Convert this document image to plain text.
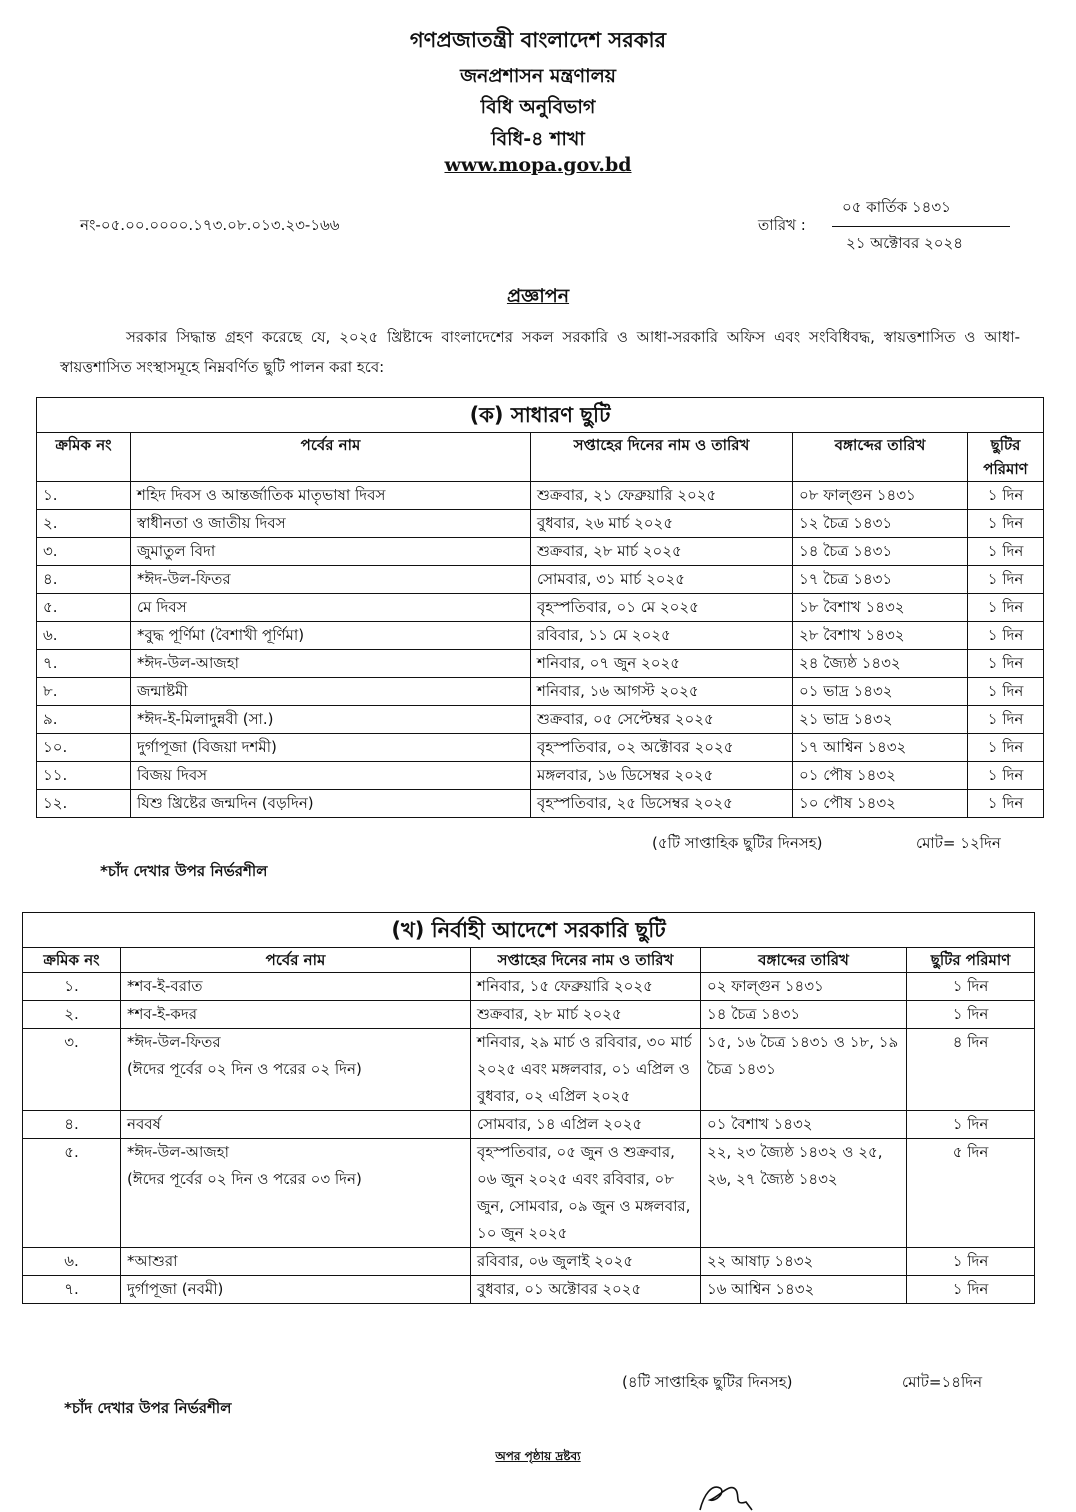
গণপ্রজাতন্ত্রী বাংলাদেশ সরকার
জনপ্রশাসন মন্ত্রণালয়
বিধি অনুবিভাগ
বিধি-৪ শাখা
www.mopa.gov.bd
নং-০৫.০০.০০০০.১৭৩.০৮.০১৩.২৩-১৬৬	তারিখ :
০৫ কার্তিক ১৪৩১
২১ অক্টোবর ২০২৪
প্রজ্ঞাপন
সরকার সিদ্ধান্ত গ্রহণ করেছে যে, ২০২৫ খ্রিষ্টাব্দে বাংলাদেশের সকল সরকারি ও আধা-সরকারি অফিস এবং সংবিধিবদ্ধ, স্বায়ত্তশাসিত ও আধা-স্বায়ত্তশাসিত সংস্থাসমূহে নিম্নবর্ণিত ছুটি পালন করা হবে:
(ক) সাধারণ ছুটি				
ক্রমিক নং	পর্বের নাম	সপ্তাহের দিনের নাম ও তারিখ	বঙ্গাব্দের তারিখ	ছুটির পরিমাণ
১.	শহিদ দিবস ও আন্তর্জাতিক মাতৃভাষা দিবস	শুক্রবার, ২১ ফেব্রুয়ারি ২০২৫	০৮ ফাল্গুন ১৪৩১	১ দিন
২.	স্বাধীনতা ও জাতীয় দিবস	বুধবার, ২৬ মার্চ ২০২৫	১২ চৈত্র ১৪৩১	১ দিন
৩.	জুমাতুল বিদা	শুক্রবার, ২৮ মার্চ ২০২৫	১৪ চৈত্র ১৪৩১	১ দিন
৪.	*ঈদ-উল-ফিতর	সোমবার, ৩১ মার্চ ২০২৫	১৭ চৈত্র ১৪৩১	১ দিন
৫.	মে দিবস	বৃহস্পতিবার, ০১ মে ২০২৫	১৮ বৈশাখ ১৪৩২	১ দিন
৬.	*বুদ্ধ পূর্ণিমা (বৈশাখী পূর্ণিমা)	রবিবার, ১১ মে ২০২৫	২৮ বৈশাখ ১৪৩২	১ দিন
৭.	*ঈদ-উল-আজহা	শনিবার, ০৭ জুন ২০২৫	২৪ জ্যৈষ্ঠ ১৪৩২	১ দিন
৮.	জন্মাষ্টমী	শনিবার, ১৬ আগস্ট ২০২৫	০১ ভাদ্র ১৪৩২	১ দিন
৯.	*ঈদ-ই-মিলাদুন্নবী (সা.)	শুক্রবার, ০৫ সেপ্টেম্বর ২০২৫	২১ ভাদ্র ১৪৩২	১ দিন
১০.	দুর্গাপূজা (বিজয়া দশমী)	বৃহস্পতিবার, ০২ অক্টোবর ২০২৫	১৭ আশ্বিন ১৪৩২	১ দিন
১১.	বিজয় দিবস	মঙ্গলবার, ১৬ ডিসেম্বর ২০২৫	০১ পৌষ ১৪৩২	১ দিন
১২.	যিশু খ্রিষ্টের জন্মদিন (বড়দিন)	বৃহস্পতিবার, ২৫ ডিসেম্বর ২০২৫	১০ পৌষ ১৪৩২	১ দিন
(৫টি সাপ্তাহিক ছুটির দিনসহ)	মোট= ১২দিন
*চাঁদ দেখার উপর নির্ভরশীল
(খ) নির্বাহী আদেশে সরকারি ছুটি				
ক্রমিক নং	পর্বের নাম	সপ্তাহের দিনের নাম ও তারিখ	বঙ্গাব্দের তারিখ	ছুটির পরিমাণ
১.	*শব-ই-বরাত	শনিবার, ১৫ ফেব্রুয়ারি ২০২৫	০২ ফাল্গুন ১৪৩১	১ দিন
২.	*শব-ই-কদর	শুক্রবার, ২৮ মার্চ ২০২৫	১৪ চৈত্র ১৪৩১	১ দিন
৩.	*ঈদ-উল-ফিতর
(ঈদের পূর্বের ০২ দিন ও পরের ০২ দিন)	শনিবার, ২৯ মার্চ ও রবিবার, ৩০ মার্চ ২০২৫ এবং মঙ্গলবার, ০১ এপ্রিল ও বুধবার, ০২ এপ্রিল ২০২৫	১৫, ১৬ চৈত্র ১৪৩১ ও ১৮, ১৯ চৈত্র ১৪৩১	৪ দিন
৪.	নববর্ষ	সোমবার, ১৪ এপ্রিল ২০২৫	০১ বৈশাখ ১৪৩২	১ দিন
৫.	*ঈদ-উল-আজহা
(ঈদের পূর্বের ০২ দিন ও পরের ০৩ দিন)	বৃহস্পতিবার, ০৫ জুন ও শুক্রবার, ০৬ জুন ২০২৫ এবং রবিবার, ০৮ জুন, সোমবার, ০৯ জুন ও মঙ্গলবার, ১০ জুন ২০২৫	২২, ২৩ জ্যৈষ্ঠ ১৪৩২ ও ২৫, ২৬, ২৭ জ্যৈষ্ঠ ১৪৩২	৫ দিন
৬.	*আশুরা	রবিবার, ০৬ জুলাই ২০২৫	২২ আষাঢ় ১৪৩২	১ দিন
৭.	দুর্গাপূজা (নবমী)	বুধবার, ০১ অক্টোবর ২০২৫	১৬ আশ্বিন ১৪৩২	১ দিন
(৪টি সাপ্তাহিক ছুটির দিনসহ)	মোট=১৪দিন
*চাঁদ দেখার উপর নির্ভরশীল
অপর পৃষ্ঠায় দ্রষ্টব্য
